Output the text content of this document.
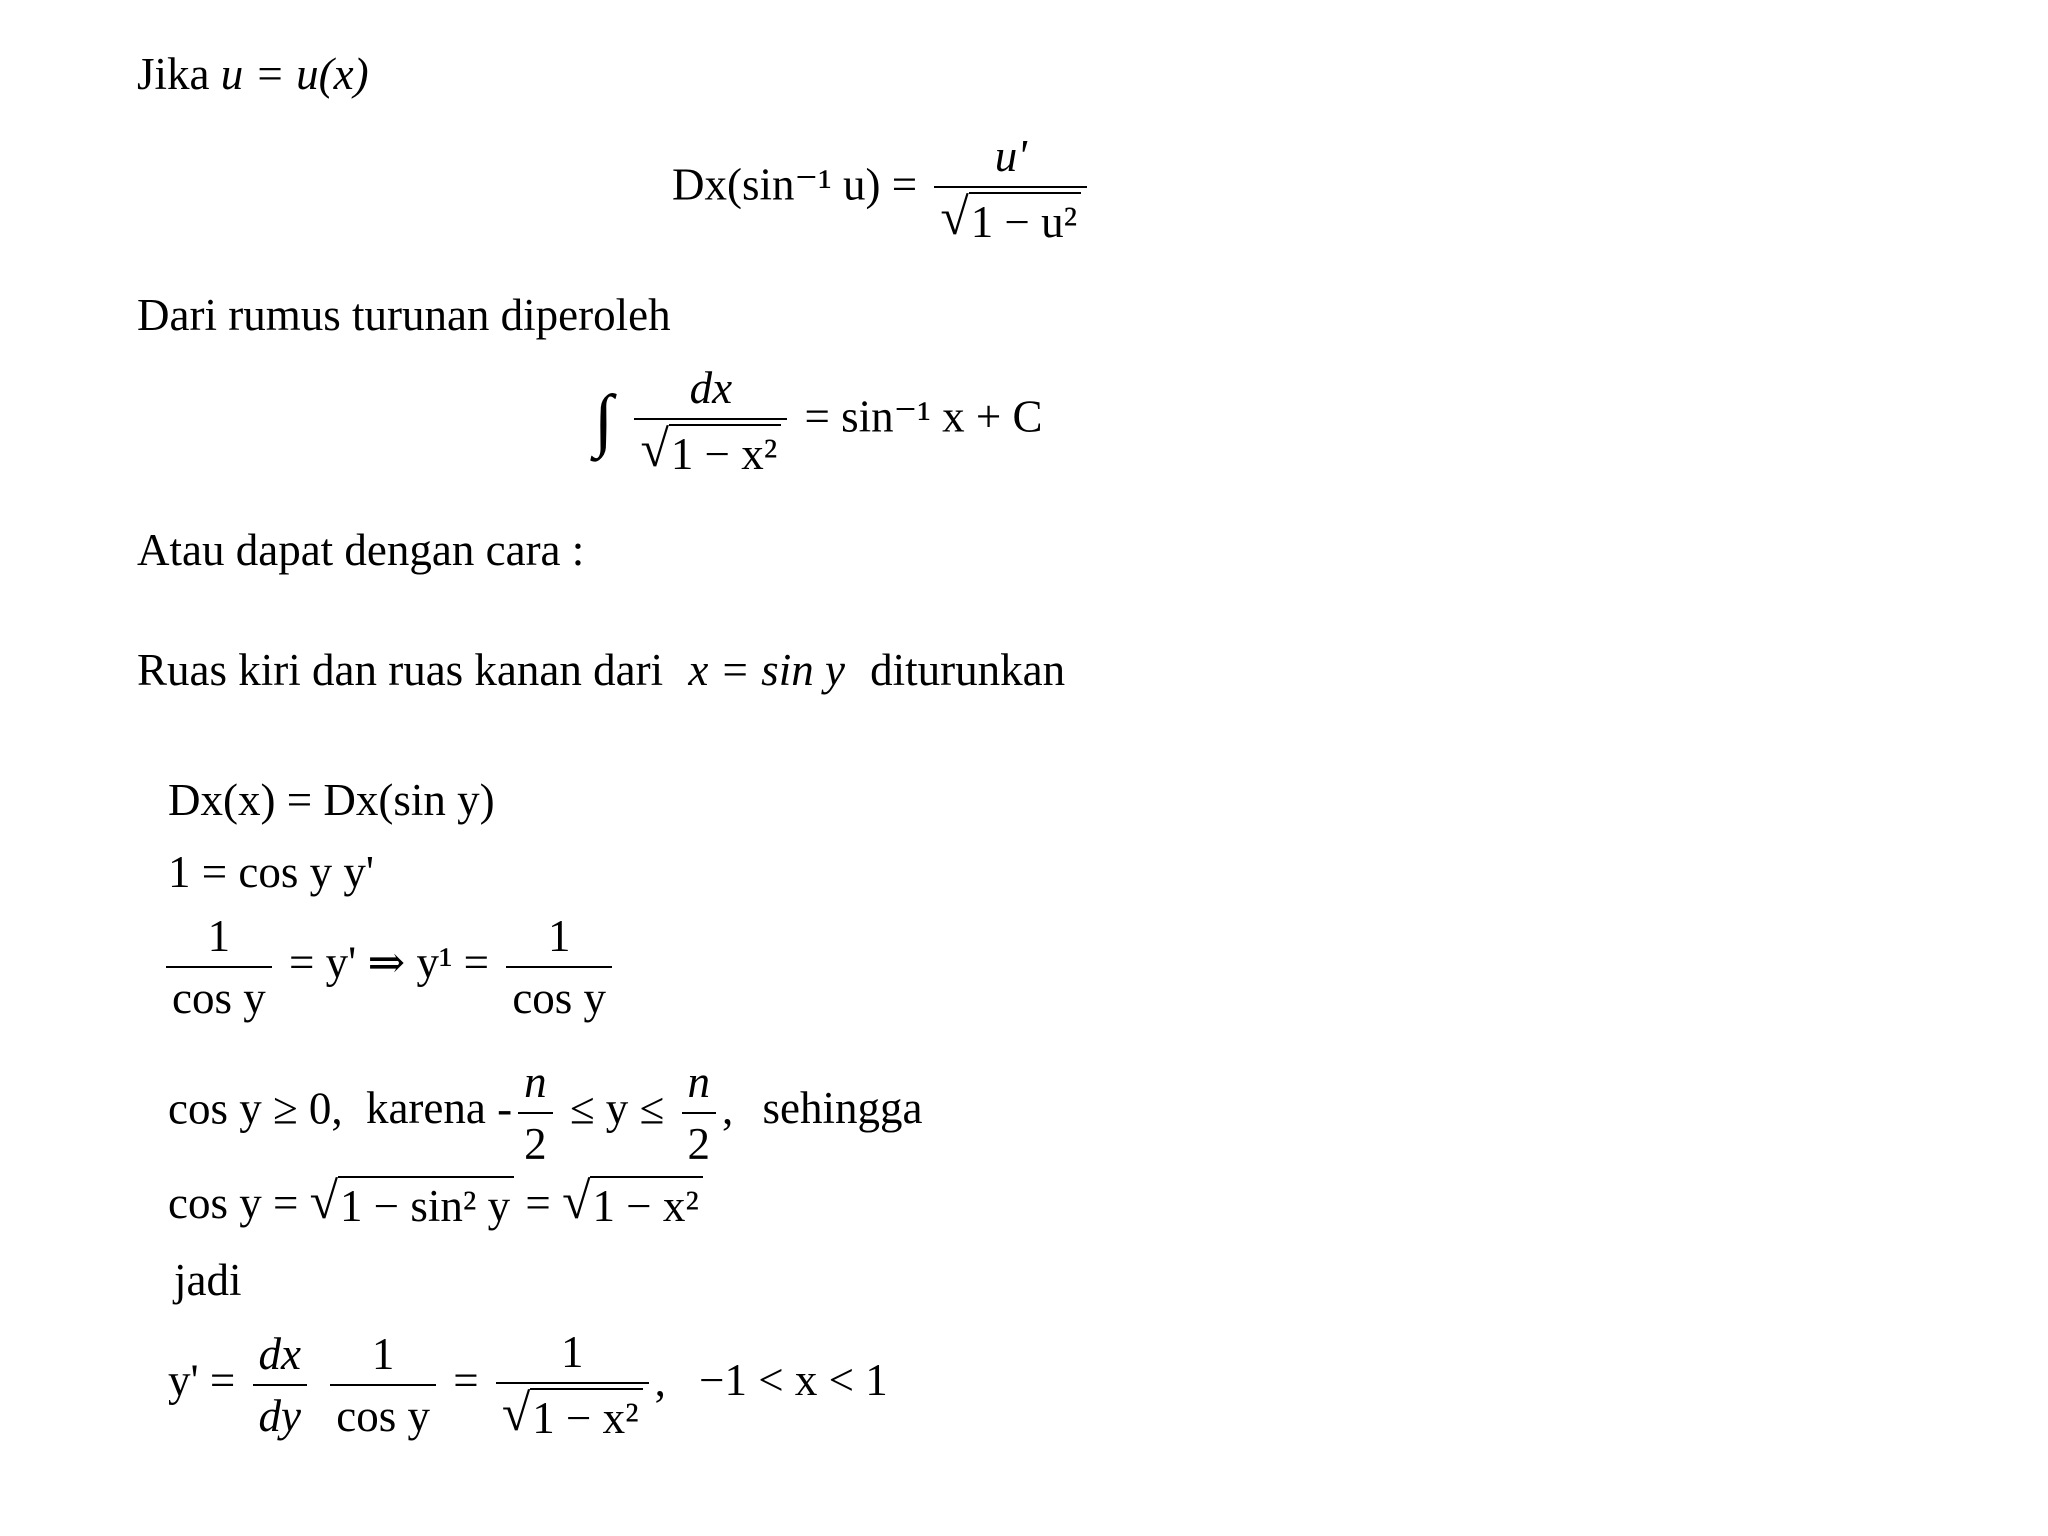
Jika u = u(x)
Dx(sin⁻¹ $u) = \frac{u'}{\text{√ 1 − u²}}$
Dari rumus turunan diperoleh
∫ $\frac{dx}{\text{√ 1 − x²}} = \sin^{-1}$ x + C
Atau dapat dengan cara :
Ruas kiri dan ruas kanan dari x = sin y diturunkan
Dx(x) = Dx(sin y)
1 = cos y y'
$\frac{1}{\text{cos y}} = y'$ ⇒ $y^1 = \frac{1}{\text{cos y}}$
cos y ≥ 0, karena - $\frac{n}{2} \le y \le \frac{n}{2}$ , sehingga
cos y = √ 1 − sin² y = √ 1 − x²
jadi
$y' = \frac{dx}{dy}$
$\frac{1}{\text{cos y}} = \frac{1}{\text{√ 1 − x²}}$ , −1 < x < 1
